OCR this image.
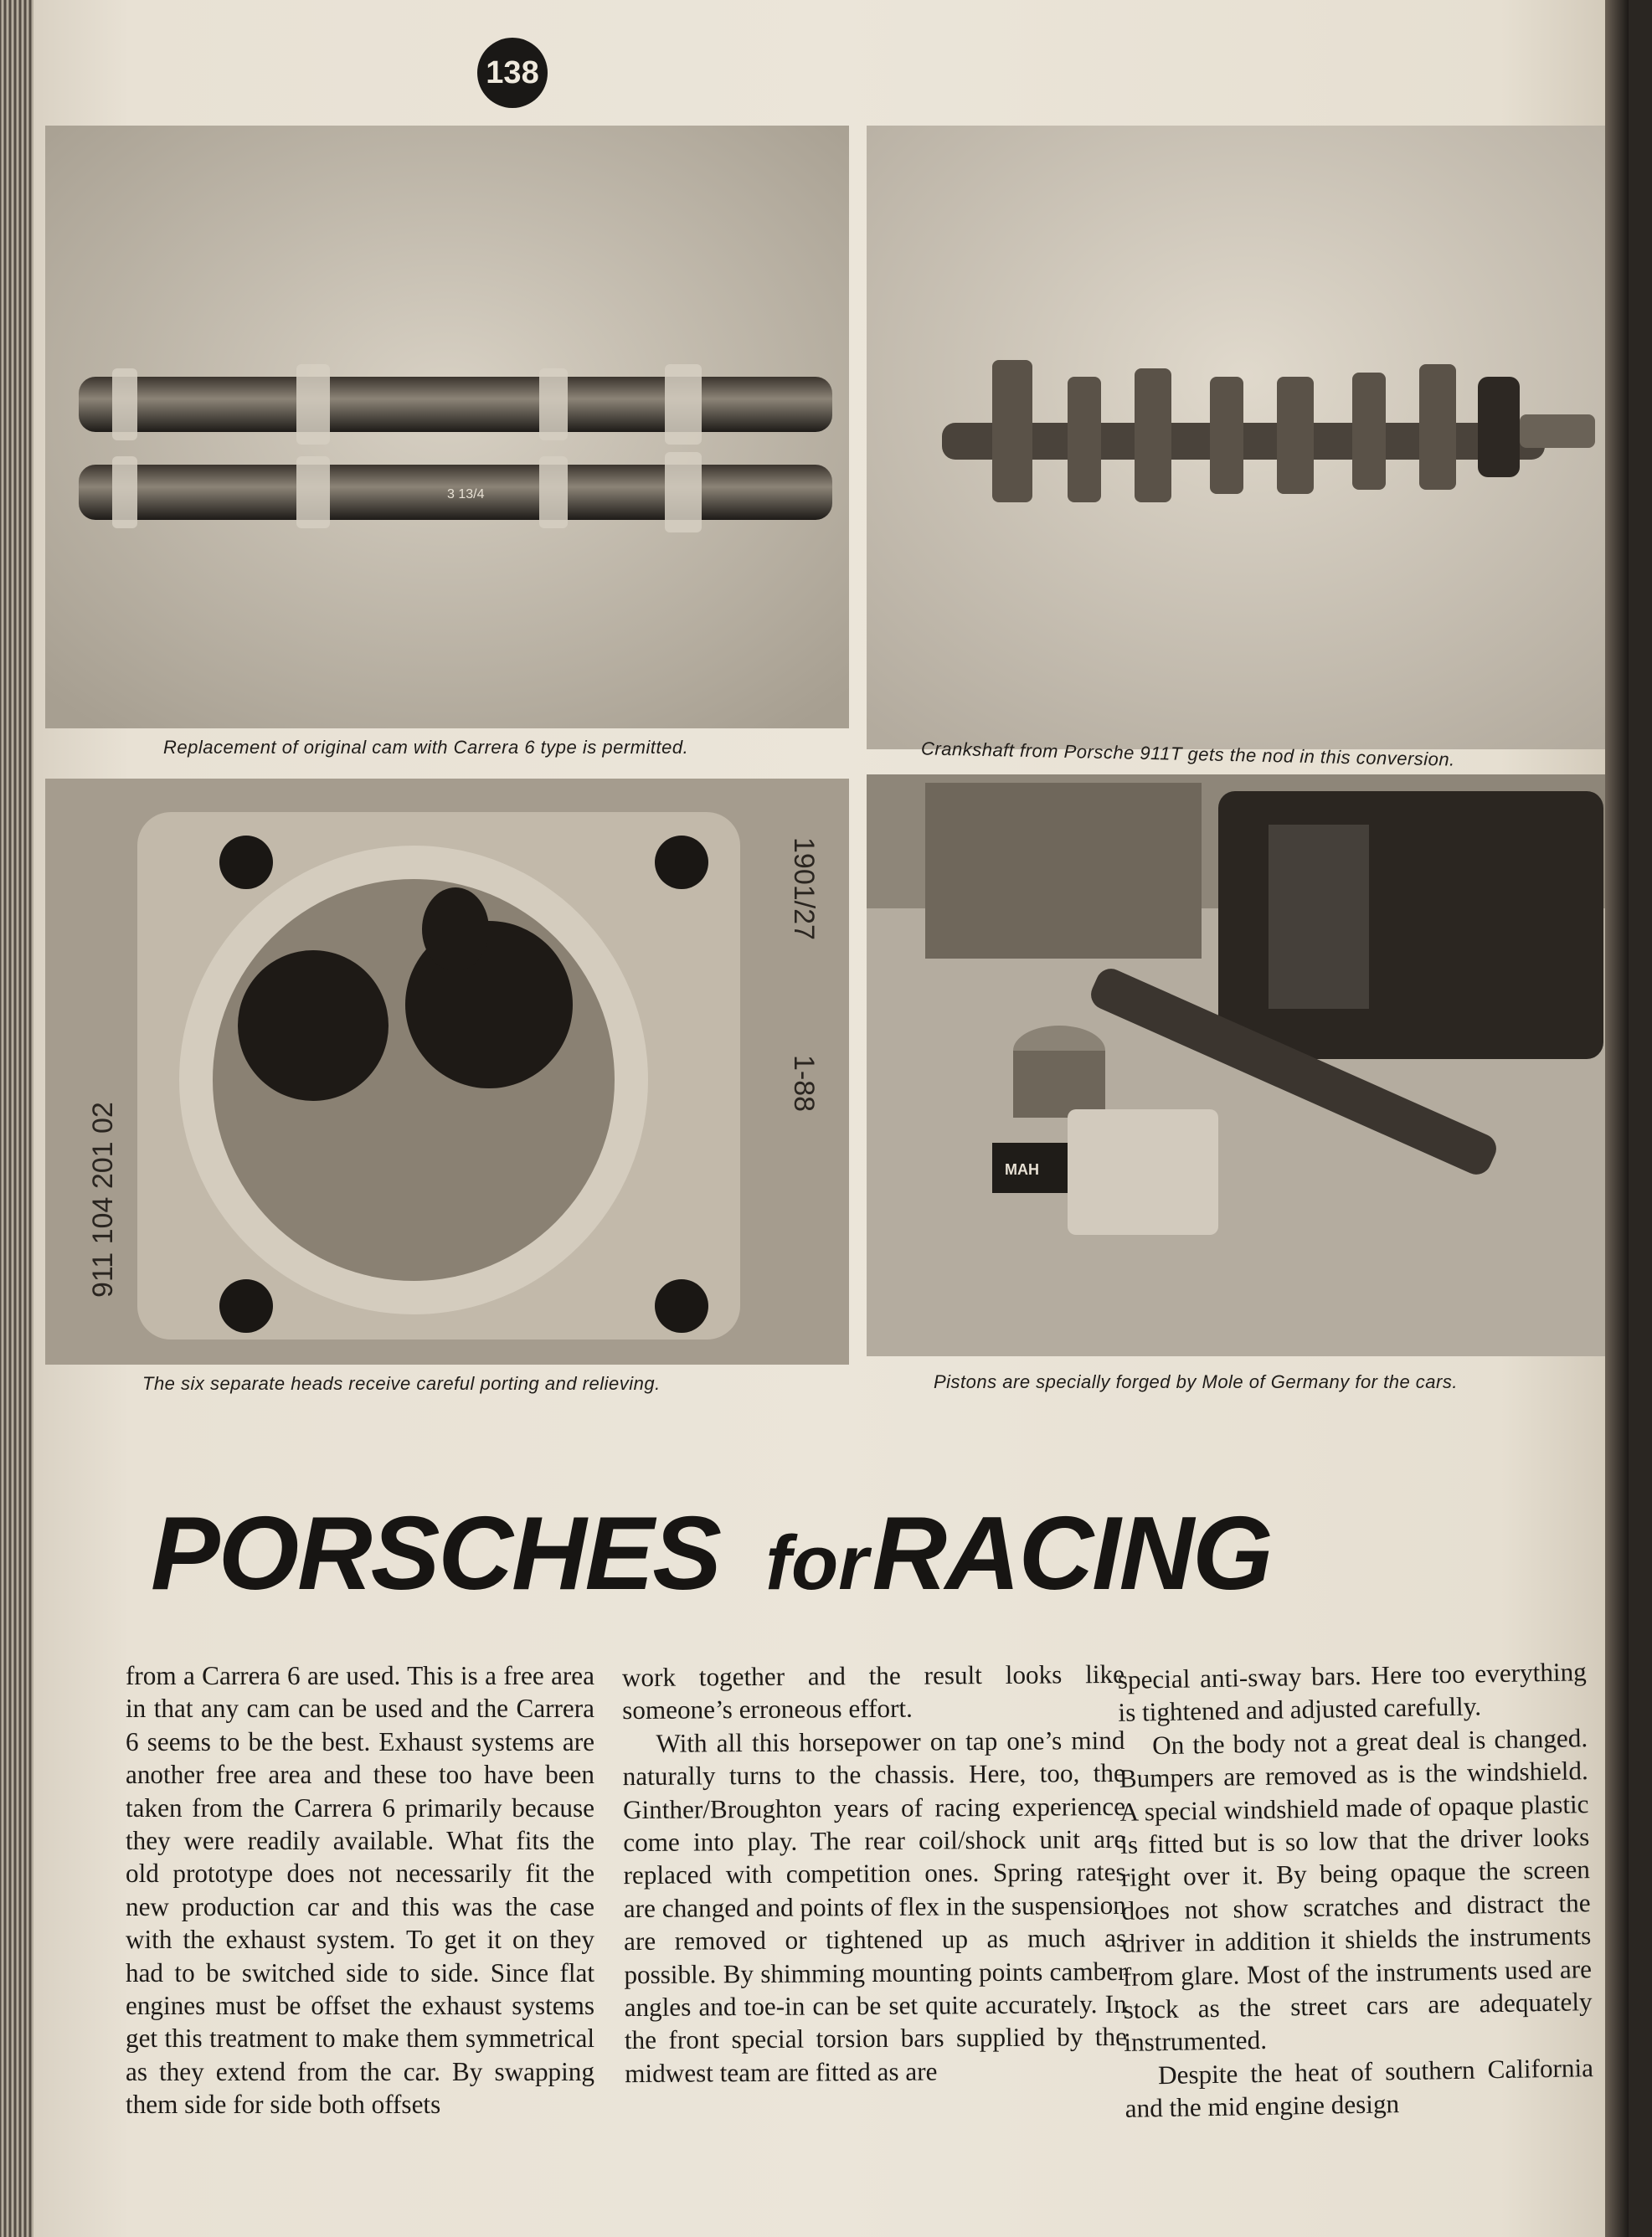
138
3 13/4
Replacement of original cam with Carrera 6 type is permitted.	Crankshaft from Porsche 911T gets the nod in this conversion.
911 104 201 02
1-88
1901/27
The six separate heads receive careful porting and relieving.
MAH
Pistons are specially forged by Mole of Germany for the cars.
PORSCHES for RACING

from a Carrera 6 are used. This is a free area in that any cam can be used and the Carrera 6 seems to be the best. Exhaust systems are another free area and these too have been taken from the Carrera 6 primarily because they were readily available. What fits the old prototype does not necessarily fit the new production car and this was the case with the exhaust system. To get it on they had to be switched side to side. Since flat engines must be offset the exhaust systems get this treatment to make them symmetrical as they extend from the car. By swapping them side for side both offsets

work together and the result looks like someone’s erroneous effort.

With all this horsepower on tap one’s mind naturally turns to the chassis. Here, too, the Ginther/Broughton years of racing experience come into play. The rear coil/shock unit are replaced with competition ones. Spring rates are changed and points of flex in the suspension are removed or tightened up as much as possible. By shimming mounting points camber angles and toe-in can be set quite accurately. In the front special torsion bars supplied by the midwest team are fitted as are

special anti-sway bars. Here too everything is tightened and adjusted carefully.

On the body not a great deal is changed. Bumpers are removed as is the windshield. A special windshield made of opaque plastic is fitted but is so low that the driver looks right over it. By being opaque the screen does not show scratches and distract the driver in addition it shields the instruments from glare. Most of the instruments used are stock as the street cars are adequately instrumented.

Despite the heat of southern California and the mid engine design
